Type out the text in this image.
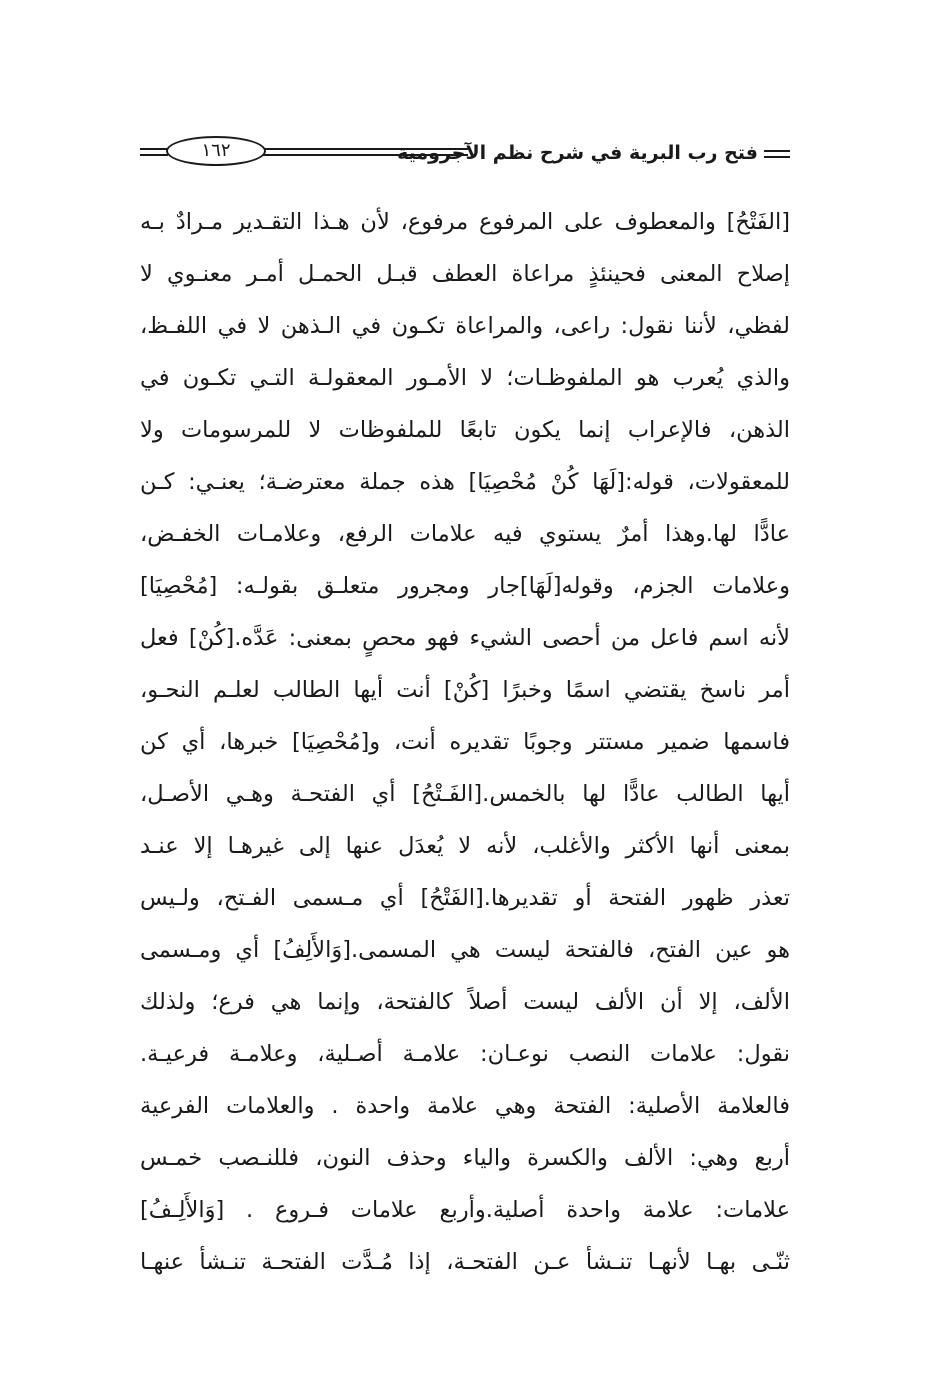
فتح رب البرية في شرح نظم الآجرومية
١٦٢
[الفَتْحُ] والمعطوف على المرفوع مرفوع، لأن هـذا التقـدير مـرادٌ بـه
إصلاح المعنى فحينئذٍ مراعاة العطف قبـل الحمـل أمـر معنـوي لا
لفظي، لأننا نقول: راعى، والمراعاة تكـون في الـذهن لا في اللفـظ،
والذي يُعرب هو الملفوظـات؛ لا الأمـور المعقولـة التـي تكـون في
الذهن، فالإعراب إنما يكون تابعًا للملفوظات لا للمرسومات ولا
للمعقولات، قوله:[لَهَا كُنْ مُحْصِيَا] هذه جملة معترضـة؛ يعنـي: كـن
عادًّا لها.وهذا أمرٌ يستوي فيه علامات الرفع، وعلامـات الخفـض،
وعلامات الجزم، وقوله[لَهَا]جار ومجرور متعلـق بقولـه: [مُحْصِيَا]
لأنه اسم فاعل من أحصى الشيء فهو محصٍ بمعنى: عَدَّه.[كُنْ] فعل
أمر ناسخ يقتضي اسمًا وخبرًا [كُنْ] أنت أيها الطالب لعلـم النحـو،
فاسمها ضمير مستتر وجوبًا تقديره أنت، و[مُحْصِيَا] خبرها، أي كن
أيها الطالب عادًّا لها بالخمس.[الفَـتْحُ] أي الفتحـة وهـي الأصـل،
بمعنى أنها الأكثر والأغلب، لأنه لا يُعدَل عنها إلى غيرهـا إلا عنـد
تعذر ظهور الفتحة أو تقديرها.[الفَتْحُ] أي مـسمى الفـتح، ولـيس
هو عين الفتح، فالفتحة ليست هي المسمى.[وَالأَلِفُ] أي ومـسمى
الألف، إلا أن الألف ليست أصلاً كالفتحة، وإنما هي فرع؛ ولذلك
نقول: علامات النصب نوعـان: علامـة أصـلية، وعلامـة فرعيـة.
فالعلامة الأصلية: الفتحة وهي علامة واحدة . والعلامات الفرعية
أربع وهي: الألف والكسرة والياء وحذف النون، فللنـصب خمـس
علامات: علامة واحدة أصلية.وأربع علامات فـروع . [وَالأَلِـفُ]
ثنّـى بهـا لأنهـا تنـشأ عـن الفتحـة، إذا مُـدَّت الفتحـة تنـشأ عنهـا
